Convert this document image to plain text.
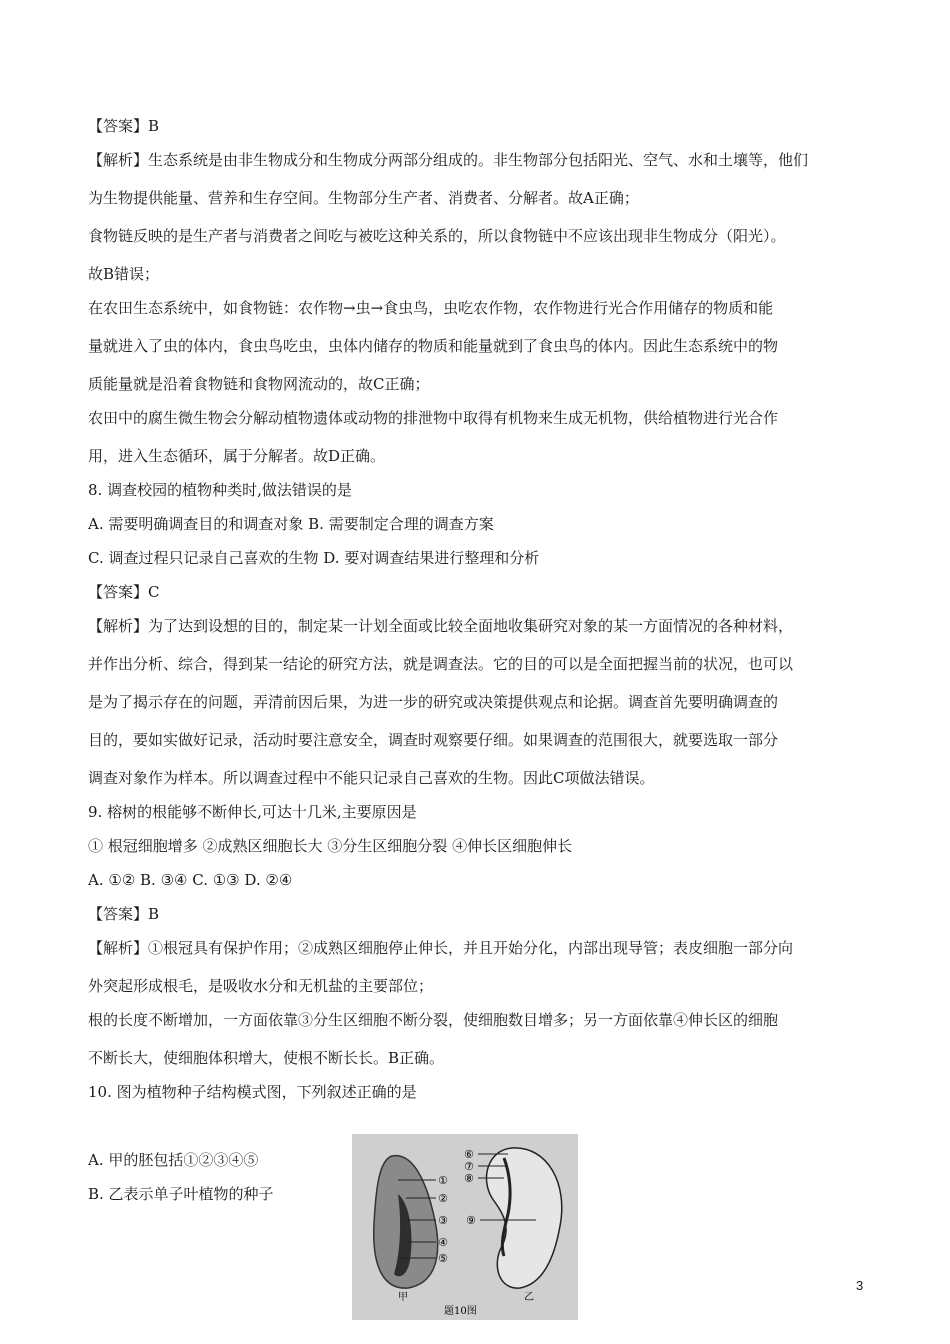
【答案】B
【解析】生态系统是由非生物成分和生物成分两部分组成的。非生物部分包括阳光、空气、水和土壤等，他们
为生物提供能量、营养和生存空间。生物部分生产者、消费者、分解者。故A正确；
食物链反映的是生产者与消费者之间吃与被吃这种关系的，所以食物链中不应该出现非生物成分（阳光）。
故B错误；
在农田生态系统中，如食物链：农作物→虫→食虫鸟，虫吃农作物，农作物进行光合作用储存的物质和能
量就进入了虫的体内，食虫鸟吃虫，虫体内储存的物质和能量就到了食虫鸟的体内。因此生态系统中的物
质能量就是沿着食物链和食物网流动的，故C正确；
农田中的腐生微生物会分解动植物遗体或动物的排泄物中取得有机物来生成无机物，供给植物进行光合作
用，进入生态循环，属于分解者。故D正确。
8. 调查校园的植物种类时,做法错误的是
A. 需要明确调查目的和调查对象 B. 需要制定合理的调查方案
C. 调查过程只记录自己喜欢的生物 D. 要对调查结果进行整理和分析
【答案】C
【解析】为了达到设想的目的，制定某一计划全面或比较全面地收集研究对象的某一方面情况的各种材料，
并作出分析、综合，得到某一结论的研究方法，就是调查法。它的目的可以是全面把握当前的状况，也可以
是为了揭示存在的问题，弄清前因后果，为进一步的研究或决策提供观点和论据。调查首先要明确调查的
目的，要如实做好记录，活动时要注意安全，调查时观察要仔细。如果调查的范围很大，就要选取一部分
调查对象作为样本。所以调查过程中不能只记录自己喜欢的生物。因此C项做法错误。
9. 榕树的根能够不断伸长,可达十几米,主要原因是
① 根冠细胞增多 ②成熟区细胞长大 ③分生区细胞分裂 ④伸长区细胞伸长
A. ①② B. ③④ C. ①③ D. ②④
【答案】B
【解析】①根冠具有保护作用；②成熟区细胞停止伸长，并且开始分化，内部出现导管；表皮细胞一部分向
外突起形成根毛，是吸收水分和无机盐的主要部位；
根的长度不断增加，一方面依靠③分生区细胞不断分裂，使细胞数目增多；另一方面依靠④伸长区的细胞
不断长大，使细胞体积增大，使根不断长长。B正确。
10. 图为植物种子结构模式图，下列叙述正确的是
A. 甲的胚包括①②③④⑤
B. 乙表示单子叶植物的种子
①
②
③
④
⑤
⑥
⑦
⑧
⑨
甲	乙
题10图
3
